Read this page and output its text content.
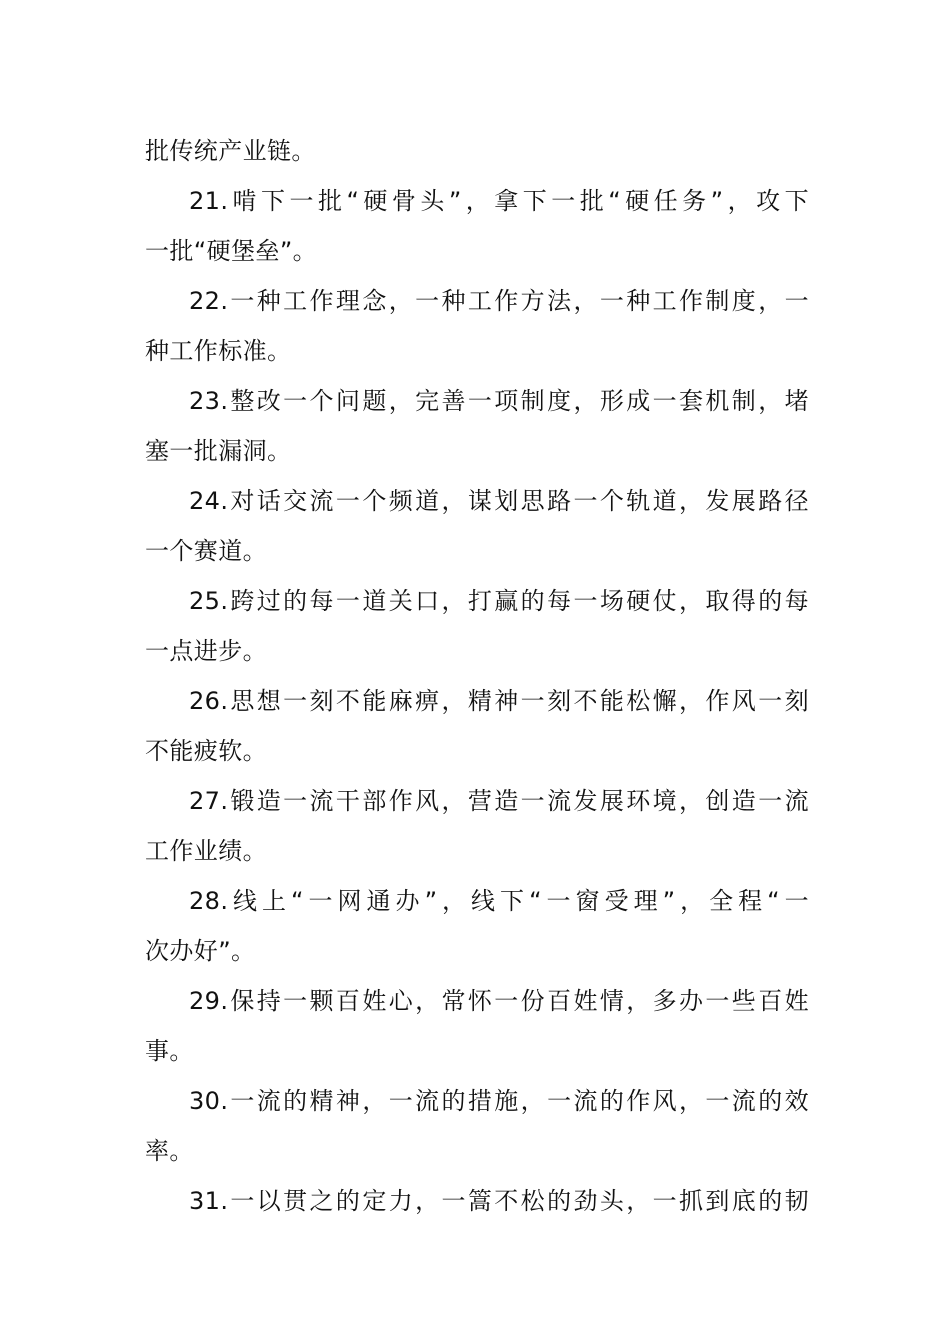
批传统产业链。
21.啃下一批“硬骨头”，拿下一批“硬任务”，攻下
一批“硬堡垒”。
22.一种工作理念，一种工作方法，一种工作制度，一
种工作标准。
23.整改一个问题，完善一项制度，形成一套机制，堵
塞一批漏洞。
24.对话交流一个频道，谋划思路一个轨道，发展路径
一个赛道。
25.跨过的每一道关口，打赢的每一场硬仗，取得的每
一点进步。
26.思想一刻不能麻痹，精神一刻不能松懈，作风一刻
不能疲软。
27.锻造一流干部作风，营造一流发展环境，创造一流
工作业绩。
28.线上“一网通办”，线下“一窗受理”，全程“一
次办好”。
29.保持一颗百姓心，常怀一份百姓情，多办一些百姓
事。
30.一流的精神，一流的措施，一流的作风，一流的效
率。
31.一以贯之的定力，一篙不松的劲头，一抓到底的韧
